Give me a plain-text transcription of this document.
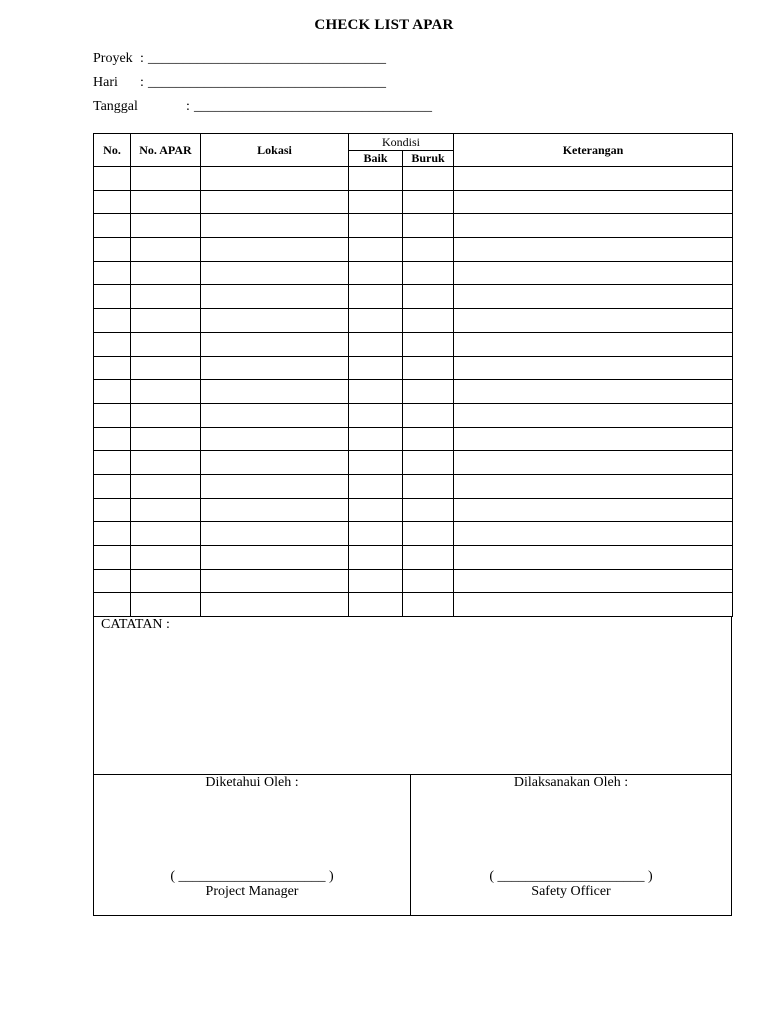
CHECK LIST APAR
Proyek : __________________________________
Hari : __________________________________
Tanggal	: __________________________________
No.	No. APAR	Lokasi	Kondisi		Keterangan
			Baik	Buruk	

CATATAN :
Diketahui Oleh :
( _____________________ )
Project Manager
Dilaksanakan Oleh :
( _____________________ )
Safety Officer
